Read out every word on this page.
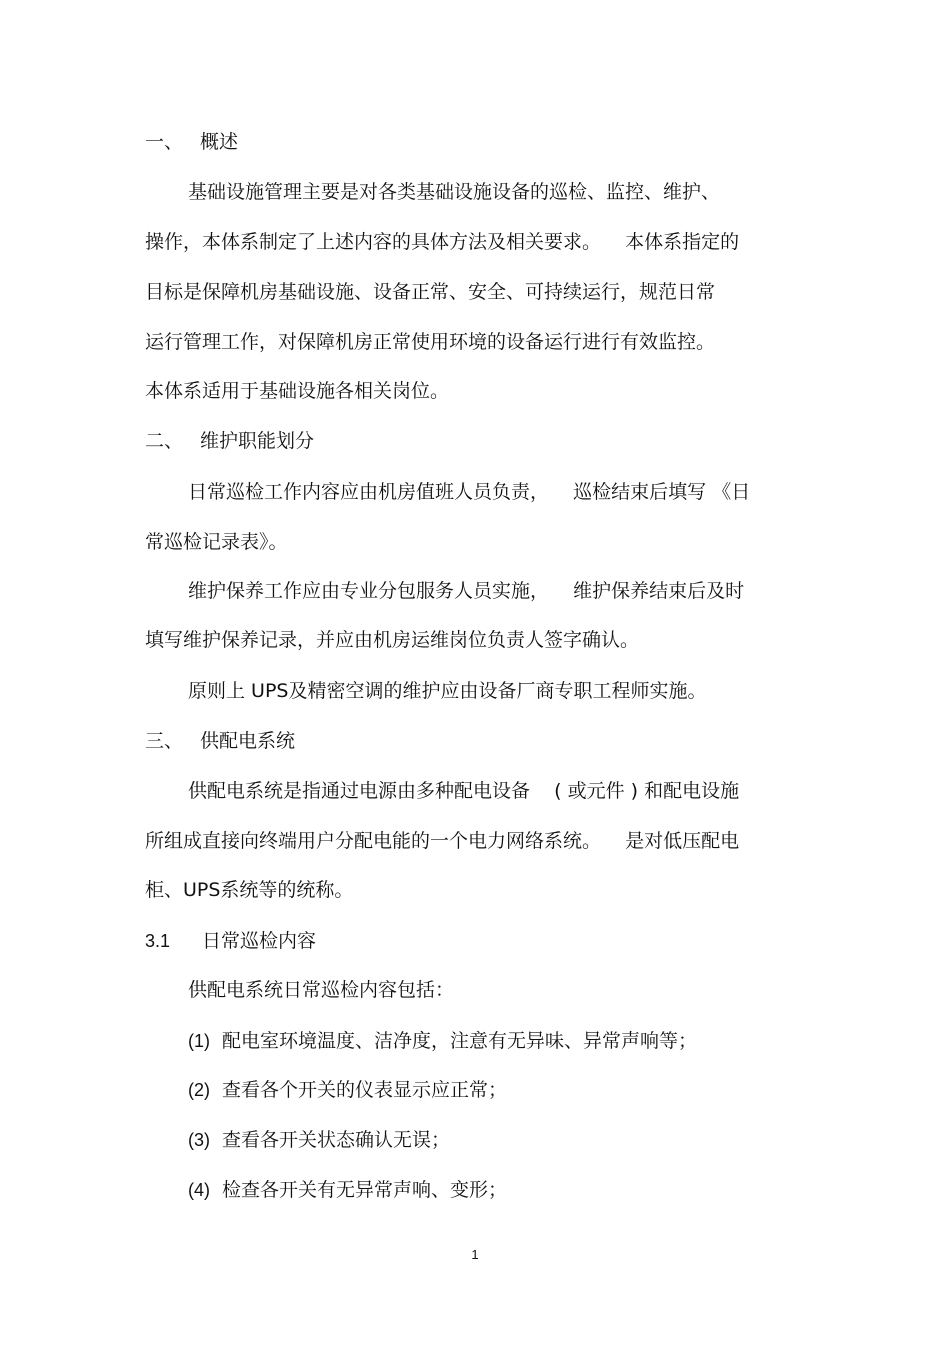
一、 概述
基础设施管理主要是对各类基础设施设备的巡检、监控、维护、
操作，本体系制定了上述内容的具体方法及相关要求。    本体系指定的
目标是保障机房基础设施、设备正常、安全、可持续运行，规范日常
运行管理工作，对保障机房正常使用环境的设备运行进行有效监控。
本体系适用于基础设施各相关岗位。
二、 维护职能划分
日常巡检工作内容应由机房值班人员负责，    巡检结束后填写 《日
常巡检记录表》。
维护保养工作应由专业分包服务人员实施，    维护保养结束后及时
填写维护保养记录，并应由机房运维岗位负责人签字确认。
原则上 UPS及精密空调的维护应由设备厂商专职工程师实施。
三、 供配电系统
供配电系统是指通过电源由多种配电设备    ( 或元件 ) 和配电设施
所组成直接向终端用户分配电能的一个电力网络系统。    是对低压配电
柜、UPS系统等的统称。
3.1 日常巡检内容
供配电系统日常巡检内容包括：
(1) 配电室环境温度、洁净度，注意有无异味、异常声响等；
(2) 查看各个开关的仪表显示应正常；
(3) 查看各开关状态确认无误；
(4) 检查各开关有无异常声响、变形；
1
